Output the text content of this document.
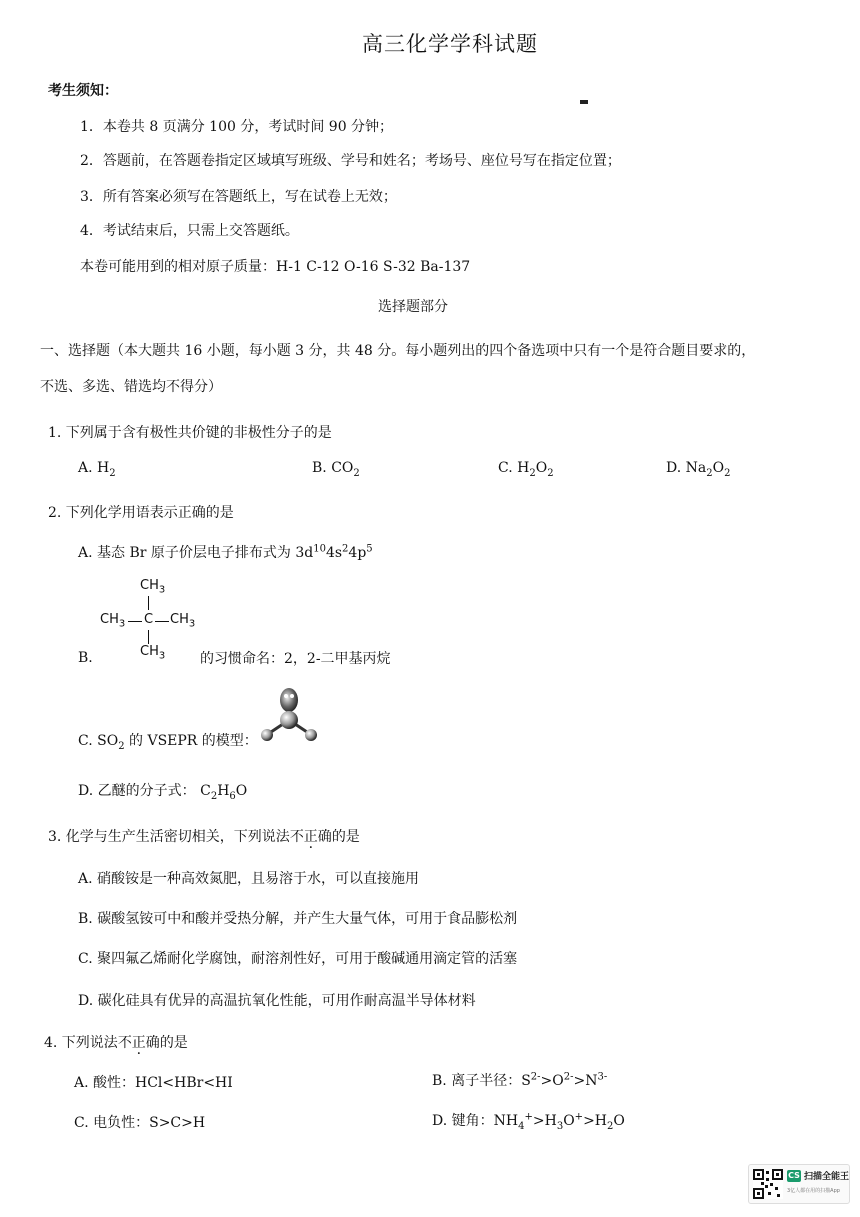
高三化学学科试题
考生须知：
1．本卷共 8 页满分 100 分，考试时间 90 分钟；
2．答题前，在答题卷指定区域填写班级、学号和姓名；考场号、座位号写在指定位置；
3．所有答案必须写在答题纸上，写在试卷上无效；
4．考试结束后，只需上交答题纸。
本卷可能用到的相对原子质量：H-1 C-12 O-16 S-32 Ba-137
选择题部分
一、选择题（本大题共 16 小题，每小题 3 分，共 48 分。每小题列出的四个备选项中只有一个是符合题目要求的，
不选、多选、错选均不得分）
1. 下列属于含有极性共价键的非极性分子的是
A. $H_2$	B. $CO_2$	C. $H_2O_2$	D. $Na_2O_2$
2. 下列化学用语表示正确的是
A. 基态 Br 原子价层电子排布式为 $3d^{10}4s^24p^5$
B.
$CH_3$
$CH_3$ C $CH_3$
$CH_3$ 的习惯命名：2，2-二甲基丙烷
C. $SO_2$ 的 VSEPR 的模型：
D. 乙醚的分子式： $C_2H_6O$
3. 化学与生产生活密切相关，下列说法不正确的是
A. 硝酸铵是一种高效氮肥，且易溶于水，可以直接施用
B. 碳酸氢铵可中和酸并受热分解，并产生大量气体，可用于食品膨松剂
C. 聚四氟乙烯耐化学腐蚀，耐溶剂性好，可用于酸碱通用滴定管的活塞
D. 碳化硅具有优异的高温抗氧化性能，可用作耐高温半导体材料
4. 下列说法不正确的是
A. 酸性：HCl<HBr<HI	B. 离子半径：$S^{2-}>O^{2-}>N^{3-}$
C. 电负性：S>C>H	D. 键角：$NH_4^+>H_3O^+>H_2O$
CS 扫描全能王
3亿人都在用的扫描App
